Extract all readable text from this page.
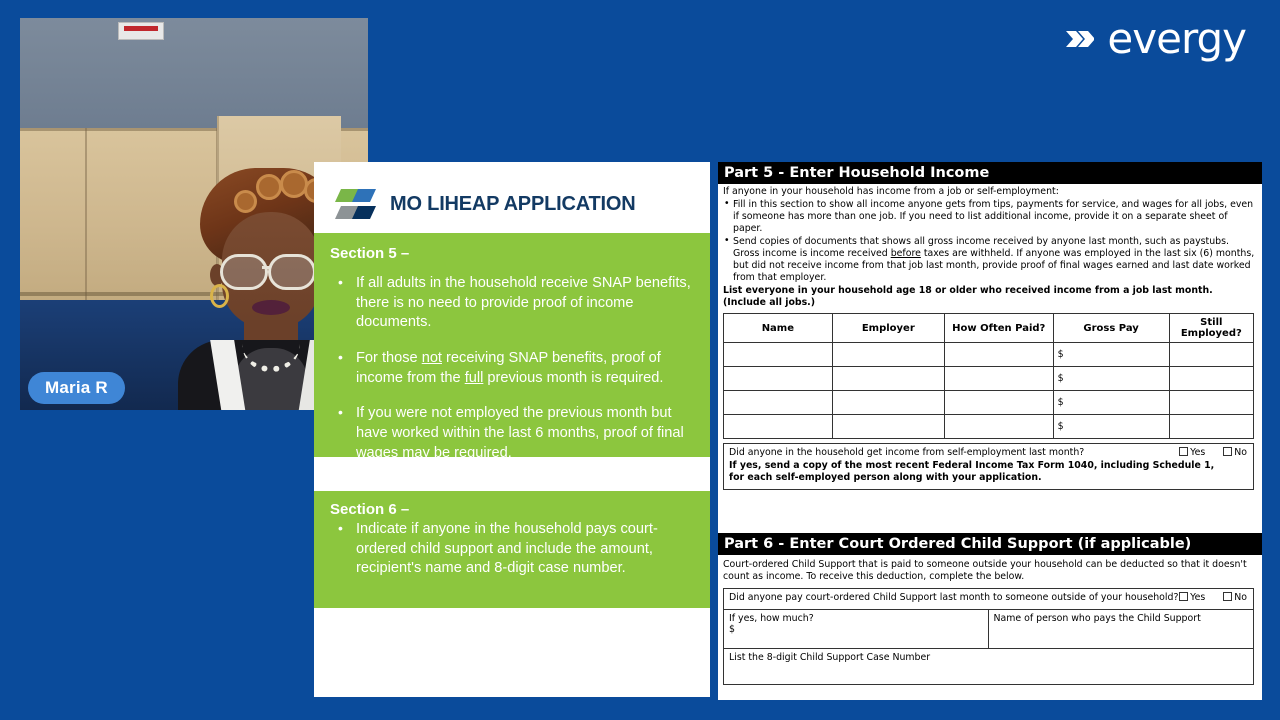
Maria R
evergy
MO LIHEAP APPLICATION
Section 5 –
• If all adults in the household receive SNAP benefits, there is no need to provide proof of income documents.
• For those not receiving SNAP benefits, proof of income from the full previous month is required.
• If you were not employed the previous month but have worked within the last 6 months, proof of final wages may be required.
Section 6 –
• Indicate if anyone in the household pays court-ordered child support and include the amount, recipient's name and 8-digit case number.
Part 5 - Enter Household Income
If anyone in your household has income from a job or self-employment:
• Fill in this section to show all income anyone gets from tips, payments for service, and wages for all jobs, even if someone has more than one job. If you need to list additional income, provide it on a separate sheet of paper.
• Send copies of documents that shows all gross income received by anyone last month, such as paystubs. Gross income is income received before taxes are withheld. If anyone was employed in the last six (6) months, but did not receive income from that job last month, provide proof of final wages earned and last date worked from that employer.
List everyone in your household age 18 or older who received income from a job last month. (Include all jobs.)
Name	Employer	How Often Paid?	Gross Pay	Still Employed?
			$	
			$	
			$	
			$	
Yes	No
Did anyone in the household get income from self-employment last month?
If yes, send a copy of the most recent Federal Income Tax Form 1040, including Schedule 1,
for each self-employed person along with your application.
Part 6 - Enter Court Ordered Child Support (if applicable)
Court-ordered Child Support that is paid to someone outside your household can be deducted so that it doesn't count as income. To receive this deduction, complete the below.
Yes	No
Did anyone pay court-ordered Child Support last month to someone outside of your household?
If yes, how much?
$
Name of person who pays the Child Support
List the 8-digit Child Support Case Number
